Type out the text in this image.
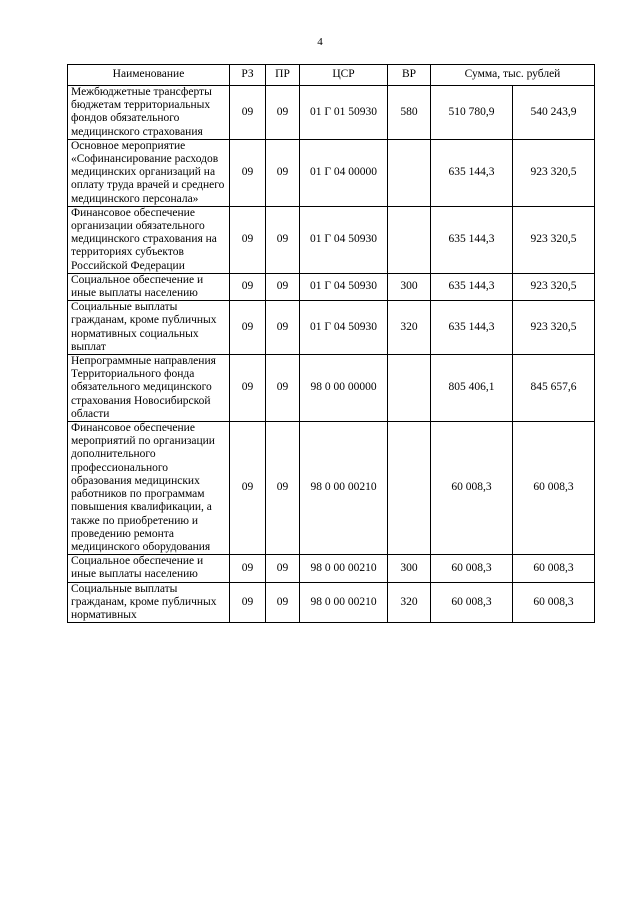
4
Наименование	РЗ	ПР	ЦСР	ВР	Сумма, тыс. рублей	
Межбюджетные трансферты бюджетам территориальных фондов обязательного медицинского страхования	09	09	01 Г 01 50930	580	510 780,9	540 243,9
Основное мероприятие «Софинансирование расходов медицинских организаций на оплату труда врачей и среднего медицинского персонала»	09	09	01 Г 04 00000		635 144,3	923 320,5
Финансовое обеспечение организации обязательного медицинского страхования на территориях субъектов Российской Федерации	09	09	01 Г 04 50930		635 144,3	923 320,5
Социальное обеспечение и иные выплаты населению	09	09	01 Г 04 50930	300	635 144,3	923 320,5
Социальные выплаты гражданам, кроме публичных нормативных социальных выплат	09	09	01 Г 04 50930	320	635 144,3	923 320,5
Непрограммные направления Территориального фонда обязательного медицинского страхования Новосибирской области	09	09	98 0 00 00000		805 406,1	845 657,6
Финансовое обеспечение мероприятий по организации дополнительного профессионального образования медицинских работников по программам повышения квалификации, а также по приобретению и проведению ремонта медицинского оборудования	09	09	98 0 00 00210		60 008,3	60 008,3
Социальное обеспечение и иные выплаты населению	09	09	98 0 00 00210	300	60 008,3	60 008,3
Социальные выплаты гражданам, кроме публичных нормативных	09	09	98 0 00 00210	320	60 008,3	60 008,3
